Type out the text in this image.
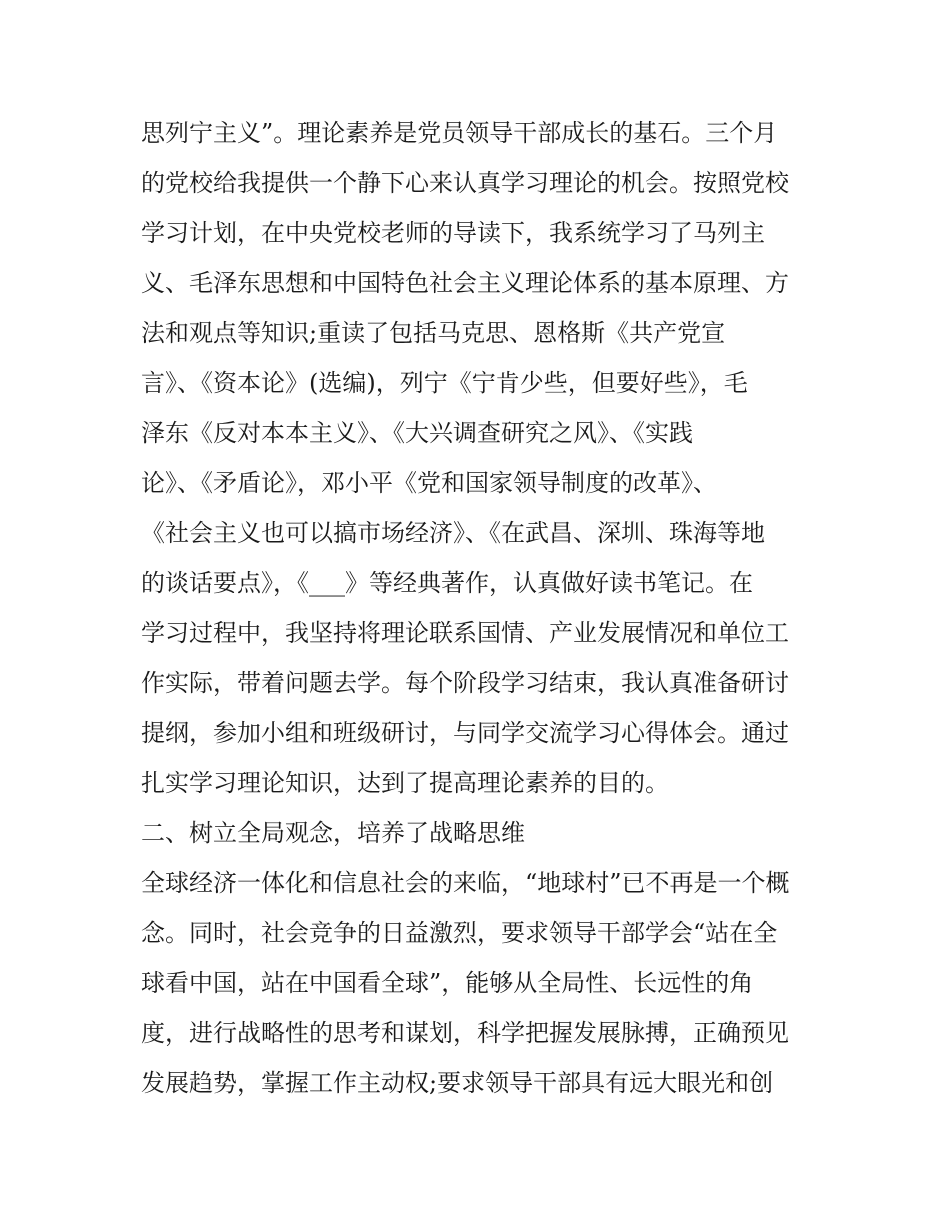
思列宁主义”。理论素养是党员领导干部成长的基石。三个月
的党校给我提供一个静下心来认真学习理论的机会。按照党校
学习计划，在中央党校老师的导读下，我系统学习了马列主
义、毛泽东思想和中国特色社会主义理论体系的基本原理、方
法和观点等知识;重读了包括马克思、恩格斯《共产党宣
言》、《资本论》(选编)，列宁《宁肯少些，但要好些》，毛
泽东《反对本本主义》、《大兴调查研究之风》、《实践
论》、《矛盾论》，邓小平《党和国家领导制度的改革》、
《社会主义也可以搞市场经济》、《在武昌、深圳、珠海等地
的谈话要点》，《___》等经典著作，认真做好读书笔记。在
学习过程中，我坚持将理论联系国情、产业发展情况和单位工
作实际，带着问题去学。每个阶段学习结束，我认真准备研讨
提纲，参加小组和班级研讨，与同学交流学习心得体会。通过
扎实学习理论知识，达到了提高理论素养的目的。
二、树立全局观念，培养了战略思维
全球经济一体化和信息社会的来临，“地球村”已不再是一个概
念。同时，社会竞争的日益激烈，要求领导干部学会“站在全
球看中国，站在中国看全球”，能够从全局性、长远性的角
度，进行战略性的思考和谋划，科学把握发展脉搏，正确预见
发展趋势，掌握工作主动权;要求领导干部具有远大眼光和创
